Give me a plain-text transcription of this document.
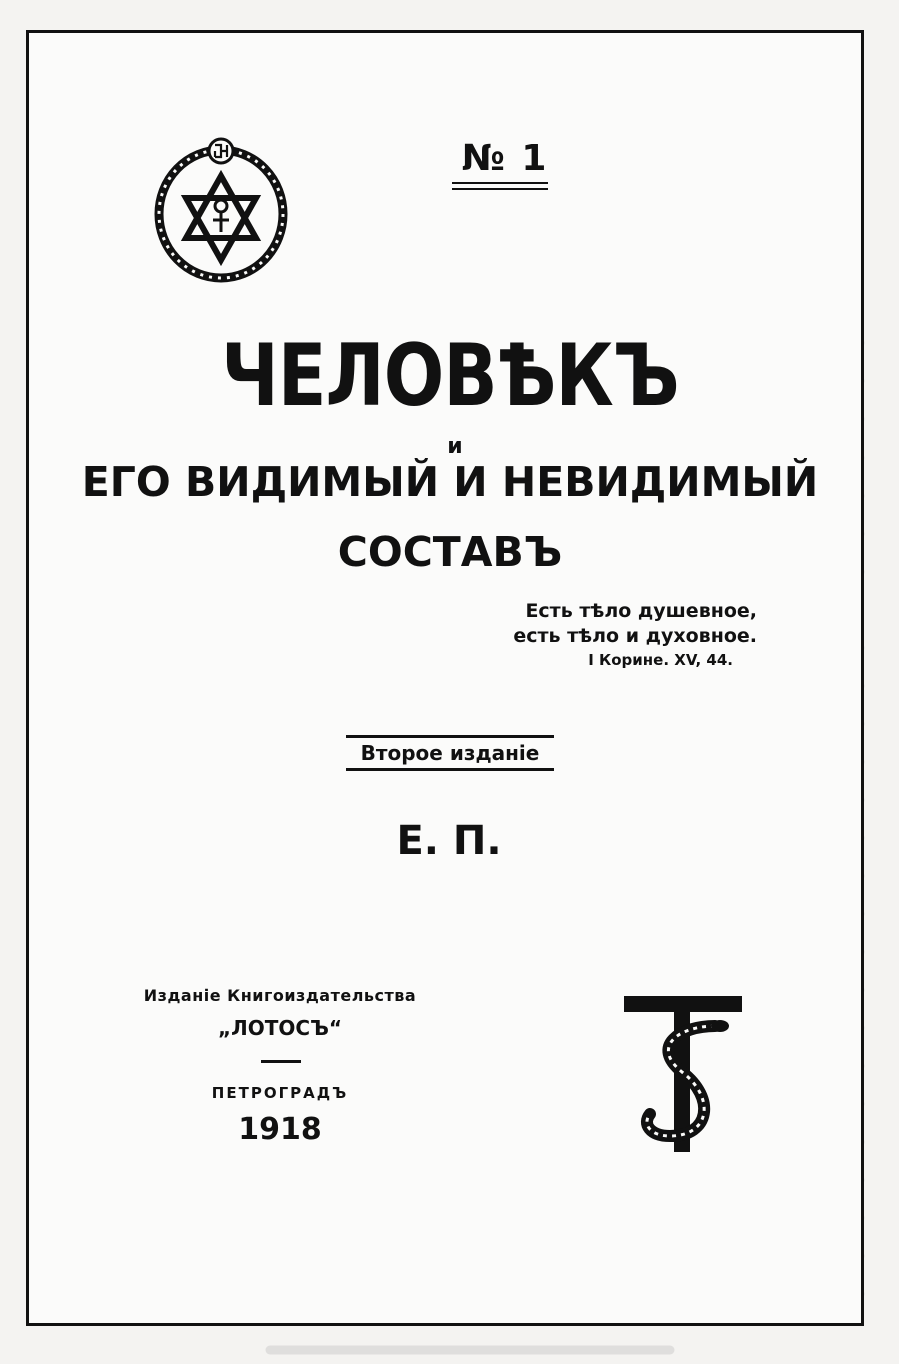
№ 1
ЧЕЛОВѢКЪ
и
ЕГО ВИДИМЫЙ И НЕВИДИМЫЙ
СОСТАВЪ
Есть тѣло душевное,
есть тѣло и духовное.
I Корине. XV, 44.
Второе изданіе
Е. П.
Изданіе Книгоиздательства
„ЛОТОСЪ“
ПЕТРОГРАДЪ
1918
